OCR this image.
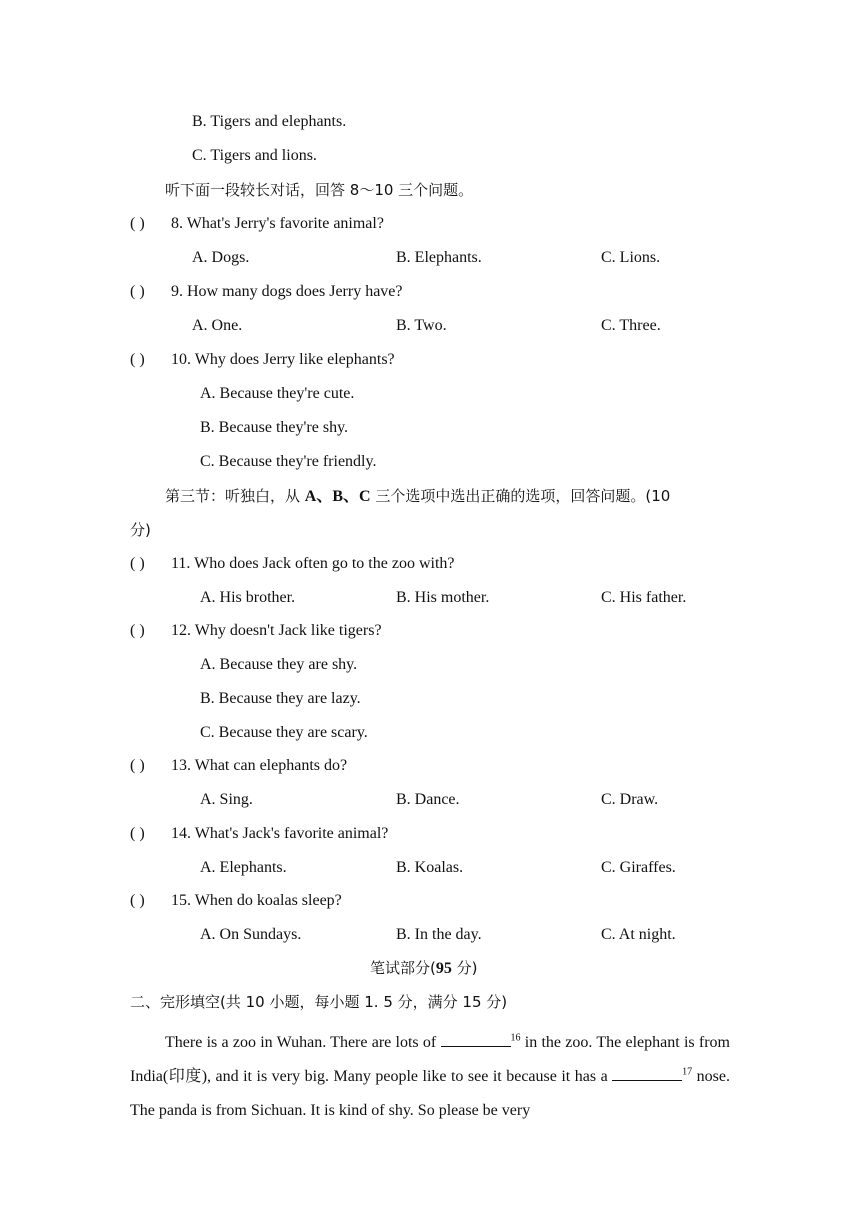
B. Tigers and elephants.
C. Tigers and lions.
听下面一段较长对话，回答 8～10 三个问题。
( ) 8. What's Jerry's favorite animal?
A. Dogs.	B. Elephants.	C. Lions.
( ) 9. How many dogs does Jerry have?
A. One.	B. Two.	C. Three.
( ) 10. Why does Jerry like elephants?
A. Because they're cute.
B. Because they're shy.
C. Because they're friendly.
第三节：听独白，从 A、B、C 三个选项中选出正确的选项，回答问题。(10
分)
( ) 11. Who does Jack often go to the zoo with?
A. His brother.	B. His mother.	C. His father.
( ) 12. Why doesn't Jack like tigers?
A. Because they are shy.
B. Because they are lazy.
C. Because they are scary.
( ) 13. What can elephants do?
A. Sing.	B. Dance.	C. Draw.
( ) 14. What's Jack's favorite animal?
A. Elephants.	B. Koalas.	C. Giraffes.
( ) 15. When do koalas sleep?
A. On Sundays.	B. In the day.	C. At night.
笔试部分(95 分)
二、完形填空(共 10 小题，每小题 1. 5 分，满分 15 分)
There is a zoo in Wuhan. There are lots of	$^{16}$ in the zoo. The elephant is from India(印度), and it is very big. Many people like to see it because it has a	$^{17}$ nose. The panda is from Sichuan. It is kind of shy. So please be very
